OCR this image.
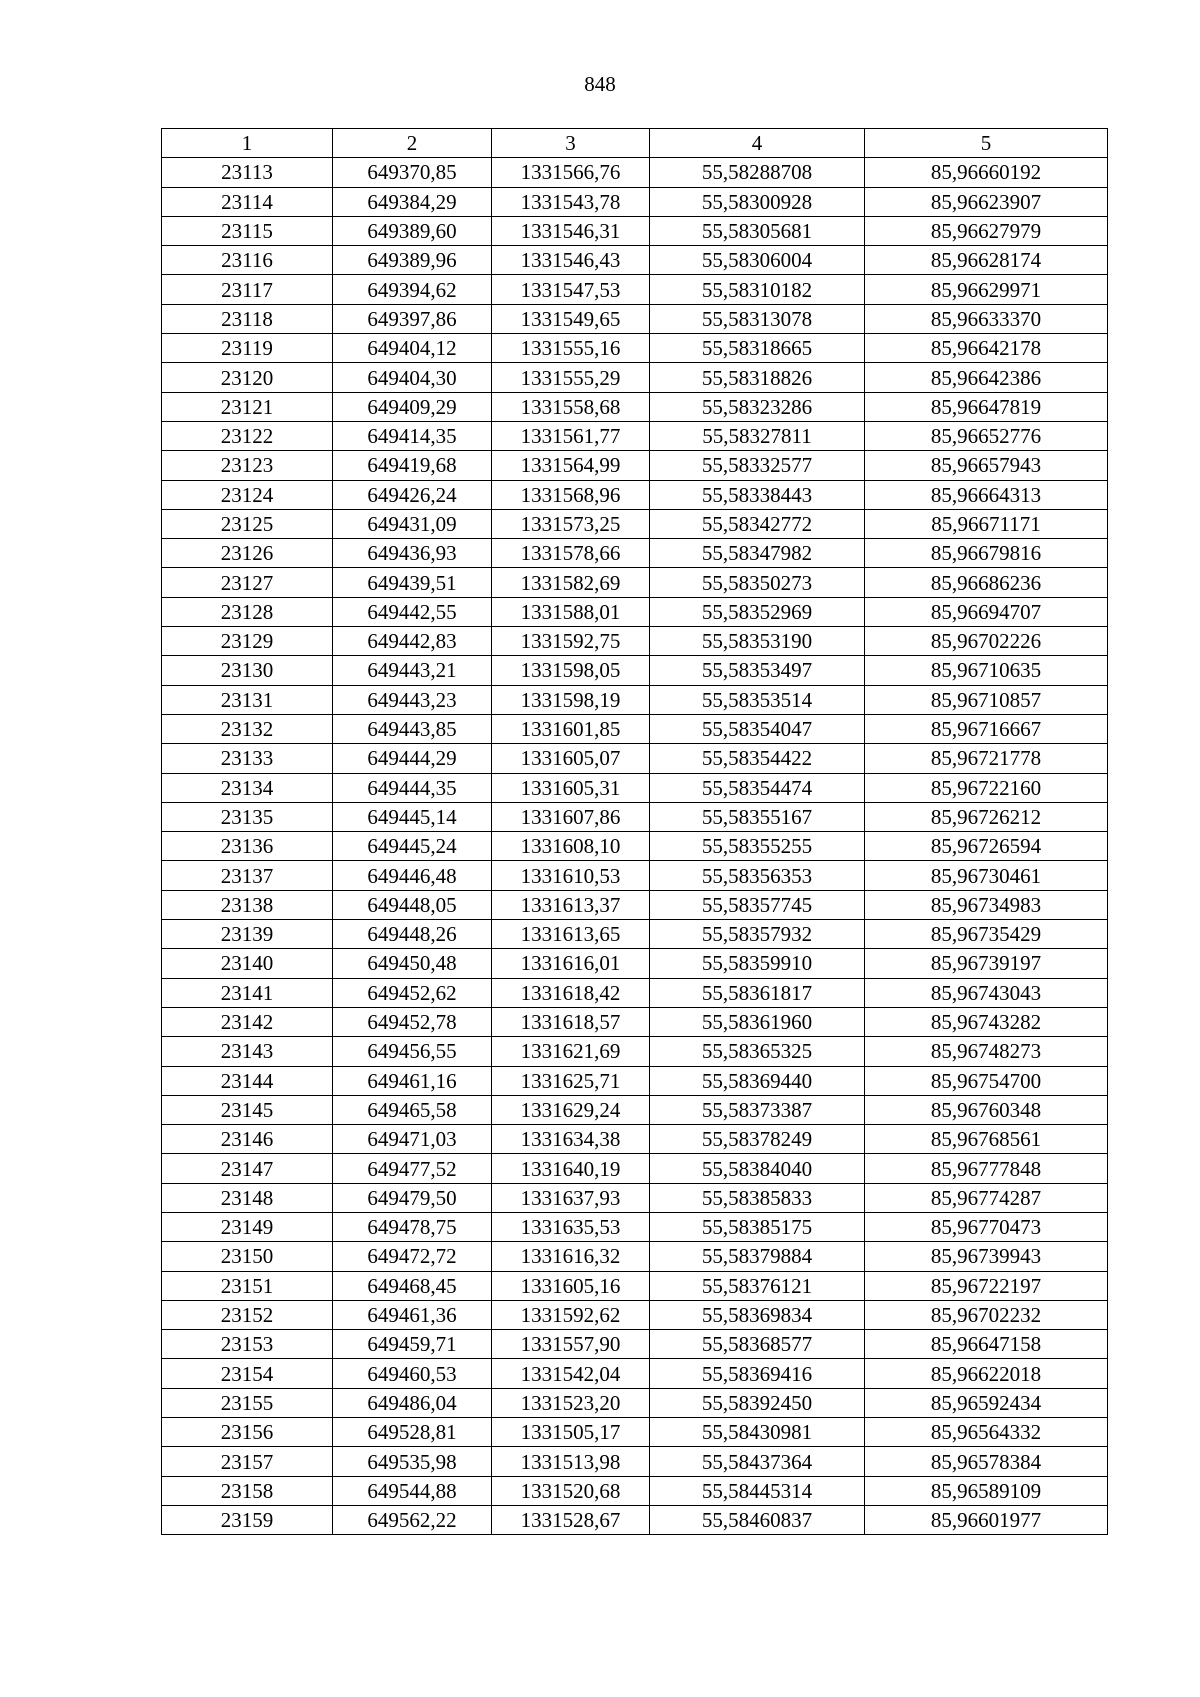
848
1	2	3	4	5
23113	649370,85	1331566,76	55,58288708	85,96660192
23114	649384,29	1331543,78	55,58300928	85,96623907
23115	649389,60	1331546,31	55,58305681	85,96627979
23116	649389,96	1331546,43	55,58306004	85,96628174
23117	649394,62	1331547,53	55,58310182	85,96629971
23118	649397,86	1331549,65	55,58313078	85,96633370
23119	649404,12	1331555,16	55,58318665	85,96642178
23120	649404,30	1331555,29	55,58318826	85,96642386
23121	649409,29	1331558,68	55,58323286	85,96647819
23122	649414,35	1331561,77	55,58327811	85,96652776
23123	649419,68	1331564,99	55,58332577	85,96657943
23124	649426,24	1331568,96	55,58338443	85,96664313
23125	649431,09	1331573,25	55,58342772	85,96671171
23126	649436,93	1331578,66	55,58347982	85,96679816
23127	649439,51	1331582,69	55,58350273	85,96686236
23128	649442,55	1331588,01	55,58352969	85,96694707
23129	649442,83	1331592,75	55,58353190	85,96702226
23130	649443,21	1331598,05	55,58353497	85,96710635
23131	649443,23	1331598,19	55,58353514	85,96710857
23132	649443,85	1331601,85	55,58354047	85,96716667
23133	649444,29	1331605,07	55,58354422	85,96721778
23134	649444,35	1331605,31	55,58354474	85,96722160
23135	649445,14	1331607,86	55,58355167	85,96726212
23136	649445,24	1331608,10	55,58355255	85,96726594
23137	649446,48	1331610,53	55,58356353	85,96730461
23138	649448,05	1331613,37	55,58357745	85,96734983
23139	649448,26	1331613,65	55,58357932	85,96735429
23140	649450,48	1331616,01	55,58359910	85,96739197
23141	649452,62	1331618,42	55,58361817	85,96743043
23142	649452,78	1331618,57	55,58361960	85,96743282
23143	649456,55	1331621,69	55,58365325	85,96748273
23144	649461,16	1331625,71	55,58369440	85,96754700
23145	649465,58	1331629,24	55,58373387	85,96760348
23146	649471,03	1331634,38	55,58378249	85,96768561
23147	649477,52	1331640,19	55,58384040	85,96777848
23148	649479,50	1331637,93	55,58385833	85,96774287
23149	649478,75	1331635,53	55,58385175	85,96770473
23150	649472,72	1331616,32	55,58379884	85,96739943
23151	649468,45	1331605,16	55,58376121	85,96722197
23152	649461,36	1331592,62	55,58369834	85,96702232
23153	649459,71	1331557,90	55,58368577	85,96647158
23154	649460,53	1331542,04	55,58369416	85,96622018
23155	649486,04	1331523,20	55,58392450	85,96592434
23156	649528,81	1331505,17	55,58430981	85,96564332
23157	649535,98	1331513,98	55,58437364	85,96578384
23158	649544,88	1331520,68	55,58445314	85,96589109
23159	649562,22	1331528,67	55,58460837	85,96601977
